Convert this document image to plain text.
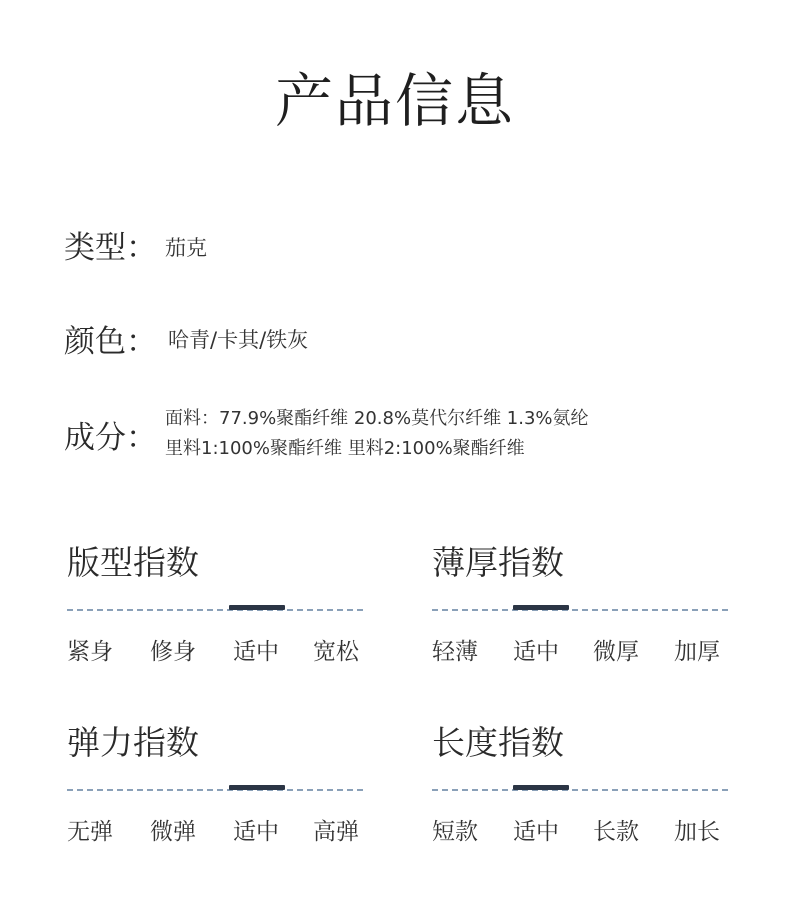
产品信息
类型： 茄克
颜色： 哈青/卡其/铁灰
成分：
面料：77.9%聚酯纤维 20.8%莫代尔纤维 1.3%氨纶
里料1:100%聚酯纤维 里料2:100%聚酯纤维
版型指数
紧身	修身	适中	宽松
薄厚指数
轻薄	适中	微厚	加厚
弹力指数
无弹	微弹	适中	高弹
长度指数
短款	适中	长款	加长
